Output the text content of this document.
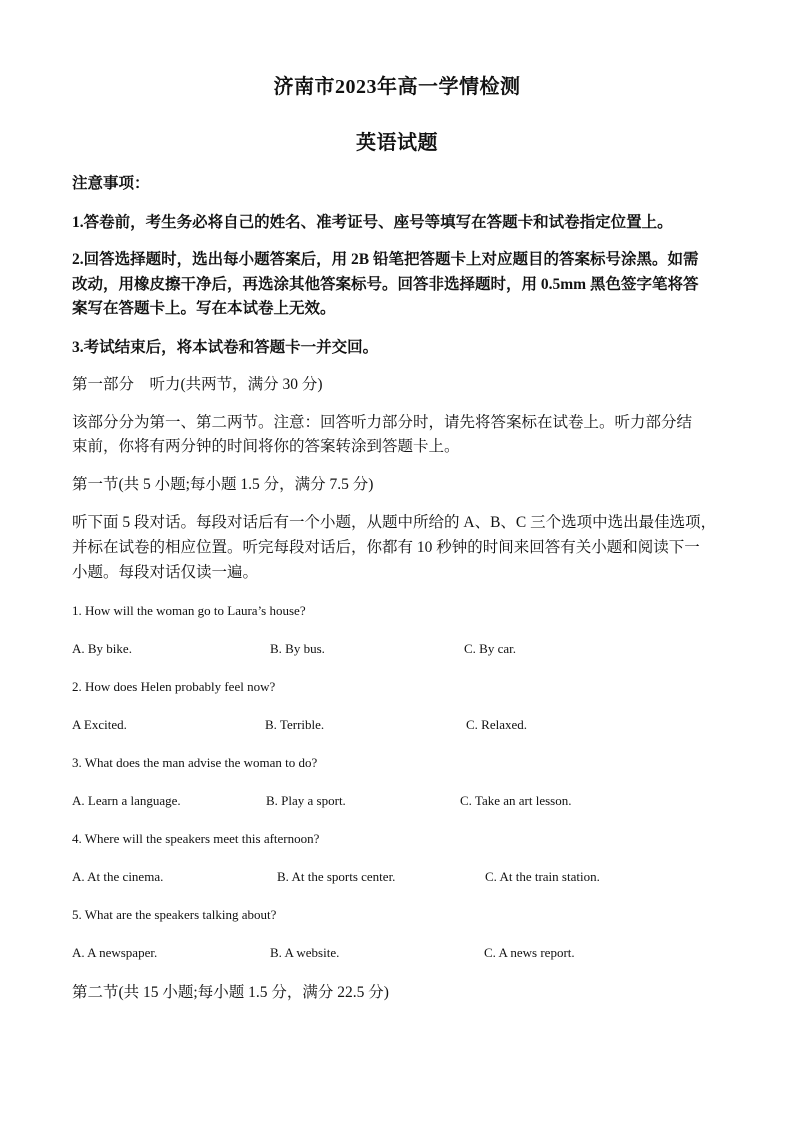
济南市2023年高一学情检测
英语试题
注意事项：
1.答卷前，考生务必将自己的姓名、准考证号、座号等填写在答题卡和试卷指定位置上。
2.回答选择题时，选出每小题答案后，用 2B 铅笔把答题卡上对应题目的答案标号涂黑。如需
改动，用橡皮擦干净后，再选涂其他答案标号。回答非选择题时，用 0.5mm 黑色签字笔将答
案写在答题卡上。写在本试卷上无效。
3.考试结束后，将本试卷和答题卡一并交回。
第一部分　听力(共两节，满分 30 分)
该部分分为第一、第二两节。注意：回答听力部分时，请先将答案标在试卷上。听力部分结
束前，你将有两分钟的时间将你的答案转涂到答题卡上。
第一节(共 5 小题;每小题 1.5 分，满分 7.5 分)
听下面 5 段对话。每段对话后有一个小题，从题中所给的 A、B、C 三个选项中选出最佳选项，
并标在试卷的相应位置。听完每段对话后，你都有 10 秒钟的时间来回答有关小题和阅读下一
小题。每段对话仅读一遍。
1. How will the woman go to Laura’s house?
A. By bike.	B. By bus.	C. By car.
2. How does Helen probably feel now?
A Excited.	B. Terrible.	C. Relaxed.
3. What does the man advise the woman to do?
A. Learn a language.	B. Play a sport.	C. Take an art lesson.
4. Where will the speakers meet this afternoon?
A. At the cinema.	B. At the sports center.	C. At the train station.
5. What are the speakers talking about?
A. A newspaper.	B. A website.	C. A news report.
第二节(共 15 小题;每小题 1.5 分，满分 22.5 分)
